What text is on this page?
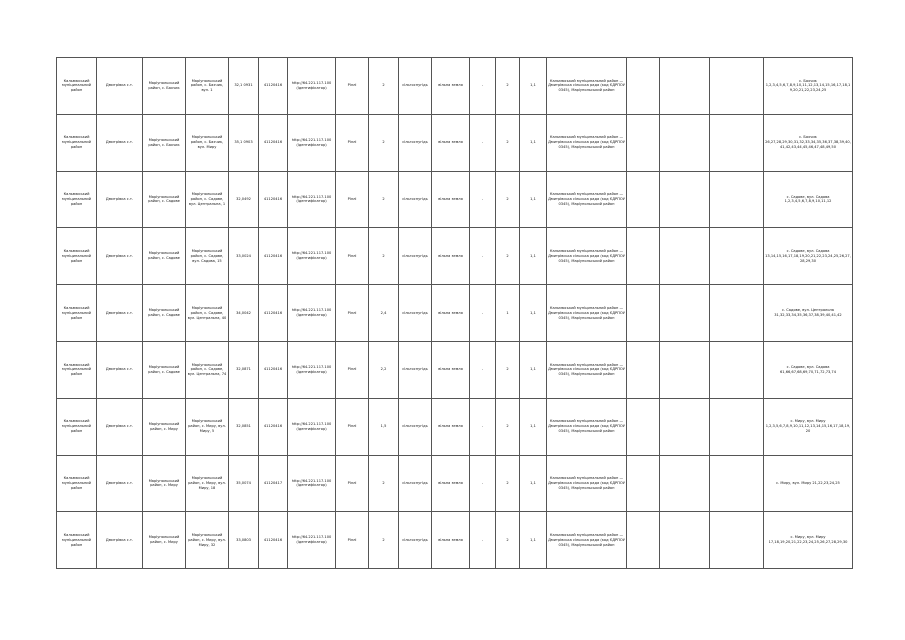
Кальмюський муніципальний район	Дмитрівка с.т.	Маріупольський район, с. Бахчик	Маріупольський район, с. Бахчик, вул. 1	32,1 0931	41120416	http://64.221.117.100 (ідентифікатор)	Ріллі	2	сільгоспугідь	вільна земля	-	2	1,1	Кальмюський муніципальний район — Дмитрівська сільська рада (код ЄДРПОУ 0345), Маріупольський район				с. Бахчик 1,2,3,4,5,6,7,8,9,10,11,12,13,14,15,16,17,18,19,20,21,22,23,24,25
Кальмюський муніципальний район	Дмитрівка с.т.	Маріупольський район, с. Бахчик	Маріупольський район, с. Бахчик, вул. Миру	35,1 0903	41120416	http://64.221.117.100 (ідентифікатор)	Ріллі	2	сільгоспугідь	вільна земля	-	2	1,1	Кальмюський муніципальний район — Дмитрівська сільська рада (код ЄДРПОУ 0345), Маріупольський район				с. Бахчик 26,27,28,29,30,31,32,33,34,35,36,37,38,39,40,41,42,43,44,45,46,47,48,49,50
Кальмюський муніципальний район	Дмитрівка с.т.	Маріупольський район, с. Садове	Маріупольський район, с. Садове, вул. Центральна, 1	32,0492	41120416	http://64.221.117.100 (ідентифікатор)	Ріллі	2	сільгоспугідь	вільна земля	-	2	1,1	Кальмюський муніципальний район — Дмитрівська сільська рада (код ЄДРПОУ 0345), Маріупольський район				с. Садове, вул. Садова 1,2,3,4,5,6,7,8,9,10,11,12
Кальмюський муніципальний район	Дмитрівка с.т.	Маріупольський район, с. Садове	Маріупольський район, с. Садове, вул. Садова, 15	33,0024	41120416	http://64.221.117.100 (ідентифікатор)	Ріллі	2	сільгоспугідь	вільна земля	-	2	1,1	Кальмюський муніципальний район — Дмитрівська сільська рада (код ЄДРПОУ 0345), Маріупольський район				с. Садове, вул. Садова 13,14,15,16,17,18,19,20,21,22,23,24,25,26,27,28,29,30
Кальмюський муніципальний район	Дмитрівка с.т.	Маріупольський район, с. Садове	Маріупольський район, с. Садове, вул. Центральна, 40	34,0042	41120416	http://64.221.117.100 (ідентифікатор)	Ріллі	2,4	сільгоспугідь	вільна земля	-	1	1,1	Кальмюський муніципальний район — Дмитрівська сільська рада (код ЄДРПОУ 0345), Маріупольський район				с. Садове, вул. Центральна 31,32,33,34,35,36,37,38,39,40,41,42
Кальмюський муніципальний район	Дмитрівка с.т.	Маріупольський район, с. Садове	Маріупольський район, с. Садове, вул. Центральна, 74	32,0871	41120416	http://64.221.117.100 (ідентифікатор)	Ріллі	2,2	сільгоспугідь	вільна земля	-	2	1,1	Кальмюський муніципальний район — Дмитрівська сільська рада (код ЄДРПОУ 0345), Маріупольський район				с. Садове, вул. Садова 61,66,67,68,69,70,71,72,73,74
Кальмюський муніципальний район	Дмитрівка с.т.	Маріупольський район, с. Миру	Маріупольський район, с. Миру, вул. Миру, 5	32,0851	41120416	http://64.221.117.100 (ідентифікатор)	Ріллі	1,5	сільгоспугідь	вільна земля	-	2	1,1	Кальмюський муніципальний район — Дмитрівська сільська рада (код ЄДРПОУ 0345), Маріупольський район				с. Миру, вул. Миру 1,2,3,5,6,7,8,9,10,11,12,13,14,15,16,17,18,19,20
Кальмюський муніципальний район	Дмитрівка с.т.	Маріупольський район, с. Миру	Маріупольський район, с. Миру, вул. Миру, 18	35,0074	41120417	http://64.221.117.100 (ідентифікатор)	Ріллі	2	сільгоспугідь	вільна земля	-	2	1,1	Кальмюський муніципальний район — Дмитрівська сільська рада (код ЄДРПОУ 0345), Маріупольський район				с. Миру, вул. Миру 21,22,23,24,25
Кальмюський муніципальний район	Дмитрівка с.т.	Маріупольський район, с. Миру	Маріупольський район, с. Миру, вул. Миру, 32	33,0803	41120416	http://64.221.117.100 (ідентифікатор)	Ріллі	2	сільгоспугідь	вільна земля	-	2	1,1	Кальмюський муніципальний район — Дмитрівська сільська рада (код ЄДРПОУ 0345), Маріупольський район				с. Миру, вул. Миру 17,18,19,20,21,22,23,24,25,26,27,28,29,30
